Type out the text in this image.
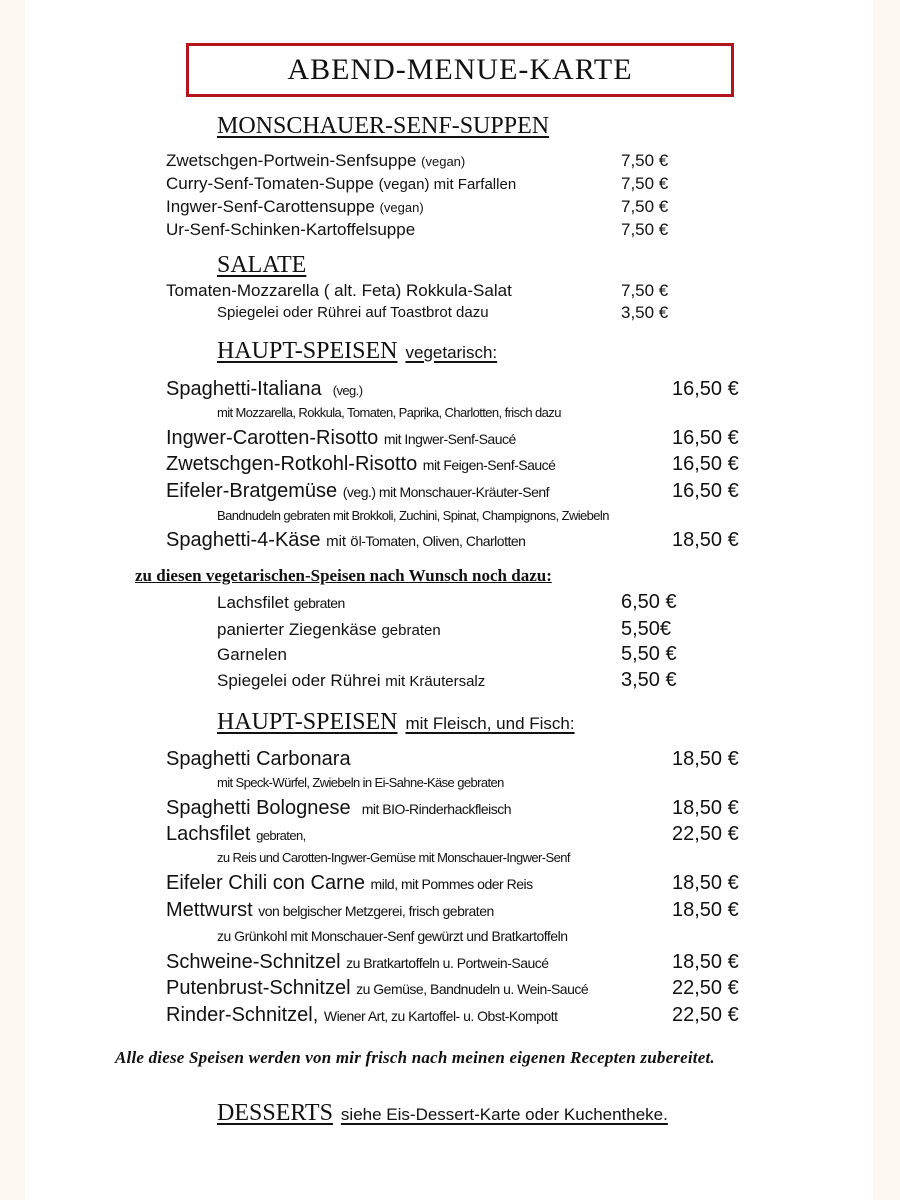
ABEND-MENUE-KARTE
MONSCHAUER-SENF-SUPPEN
Zwetschgen-Portwein-Senfsuppe (vegan)	7,50 €
Curry-Senf-Tomaten-Suppe (vegan) mit Farfallen	7,50 €
Ingwer-Senf-Carottensuppe (vegan)	7,50 €
Ur-Senf-Schinken-Kartoffelsuppe	7,50 €
SALATE
Tomaten-Mozzarella ( alt. Feta) Rokkula-Salat	7,50 €
Spiegelei oder Rührei auf Toastbrot dazu	3,50 €
HAUPT-SPEISEN vegetarisch:
Spaghetti-Italiana (veg.)	16,50 €
mit Mozzarella, Rokkula, Tomaten, Paprika, Charlotten, frisch dazu
Ingwer-Carotten-Risotto mit Ingwer-Senf-Saucé	16,50 €
Zwetschgen-Rotkohl-Risotto mit Feigen-Senf-Saucé	16,50 €
Eifeler-Bratgemüse (veg.) mit Monschauer-Kräuter-Senf	16,50 €
Bandnudeln gebraten mit Brokkoli, Zuchini, Spinat, Champignons, Zwiebeln
Spaghetti-4-Käse mit öl-Tomaten, Oliven, Charlotten	18,50 €
zu diesen vegetarischen-Speisen nach Wunsch noch dazu:
Lachsfilet gebraten	6,50 €
panierter Ziegenkäse gebraten	5,50€
Garnelen	5,50 €
Spiegelei oder Rührei mit Kräutersalz	3,50 €
HAUPT-SPEISEN mit Fleisch, und Fisch:
Spaghetti Carbonara	18,50 €
mit Speck-Würfel, Zwiebeln in Ei-Sahne-Käse gebraten
Spaghetti Bolognese mit BIO-Rinderhackfleisch	18,50 €
Lachsfilet gebraten,	22,50 €
zu Reis und Carotten-Ingwer-Gemüse mit Monschauer-Ingwer-Senf
Eifeler Chili con Carne mild, mit Pommes oder Reis	18,50 €
Mettwurst von belgischer Metzgerei, frisch gebraten	18,50 €
zu Grünkohl mit Monschauer-Senf gewürzt und Bratkartoffeln
Schweine-Schnitzel zu Bratkartoffeln u. Portwein-Saucé	18,50 €
Putenbrust-Schnitzel zu Gemüse, Bandnudeln u. Wein-Saucé	22,50 €
Rinder-Schnitzel, Wiener Art, zu Kartoffel- u. Obst-Kompott	22,50 €
Alle diese Speisen werden von mir frisch nach meinen eigenen Recepten zubereitet.
DESSERTS siehe Eis-Dessert-Karte oder Kuchentheke.
